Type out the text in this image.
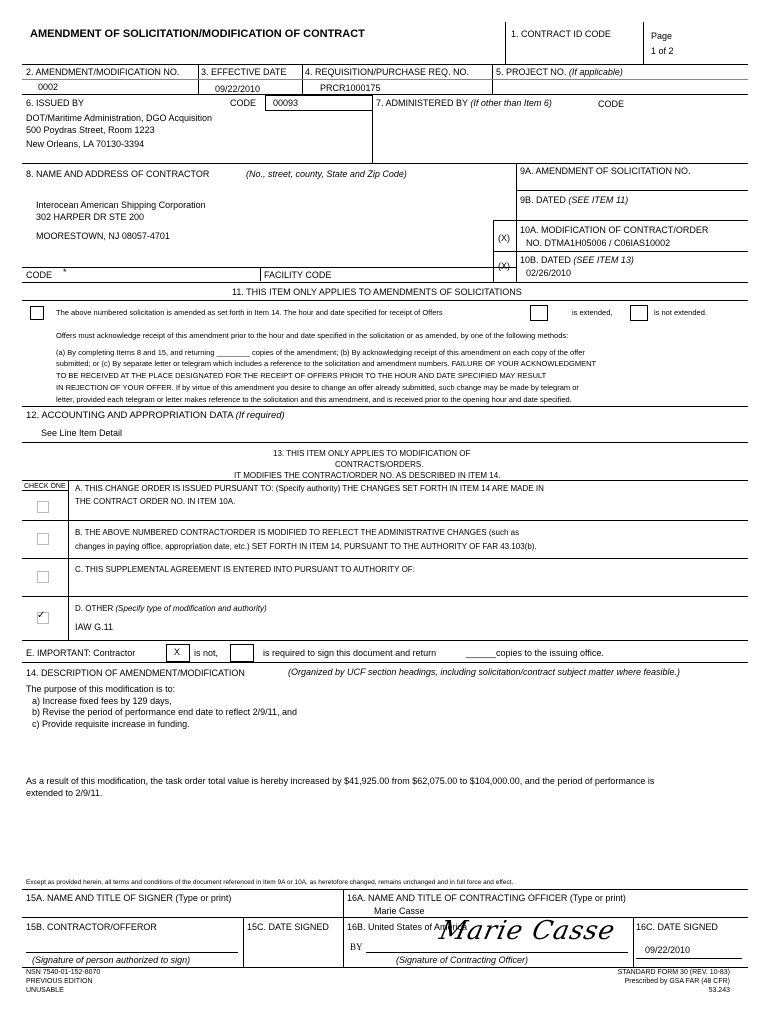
AMENDMENT OF SOLICITATION/MODIFICATION OF CONTRACT	1. CONTRACT ID CODE	Page
1 of 2
2. AMENDMENT/MODIFICATION NO. 3. EFFECTIVE DATE 4. REQUISITION/PURCHASE REQ. NO.	5. PROJECT NO. (If applicable)
0002	09/22/2010	PRCR1000175
6. ISSUED BY	CODE 00093	7. ADMINISTERED BY (If other than Item 6)	CODE
DOT/Maritime Administration, DGO Acquisition
500 Poydras Street, Room 1223
New Orleans, LA 70130-3394
8. NAME AND ADDRESS OF CONTRACTOR	(No., street, county, State and Zip Code)
Interocean American Shipping Corporation
302 HARPER DR STE 200
MOORESTOWN, NJ 08057-4701
CODE *	FACILITY CODE
9A. AMENDMENT OF SOLICITATION NO.
9B. DATED (SEE ITEM 11)
(X)
10A. MODIFICATION OF CONTRACT/ORDER
NO. DTMA1H05006 / C06IAS10002
(X)
10B. DATED (SEE ITEM 13)
02/26/2010
11. THIS ITEM ONLY APPLIES TO AMENDMENTS OF SOLICITATIONS
The above numbered solicitation is amended as set forth in Item 14. The hour and date specified for receipt of Offers	is extended,	is not extended.
Offers must acknowledge receipt of this amendment prior to the hour and date specified in the solicitation or as amended, by one of the following methods:
(a) By completing Items 8 and 15, and returning ________ copies of the amendment; (b) By acknowledging receipt of this amendment on each copy of the offer
submitted; or (c) By separate letter or telegram which includes a reference to the solicitation and amendment numbers. FAILURE OF YOUR ACKNOWLEDGMENT
TO BE RECEIVED AT THE PLACE DESIGNATED FOR THE RECEIPT OF OFFERS PRIOR TO THE HOUR AND DATE SPECIFIED MAY RESULT
IN REJECTION OF YOUR OFFER. If by virtue of this amendment you desire to change an offer already submitted, such change may be made by telegram or
letter, provided each telegram or letter makes reference to the solicitation and this amendment, and is received prior to the opening hour and date specified.
12. ACCOUNTING AND APPROPRIATION DATA (If required)
See Line Item Detail
13. THIS ITEM ONLY APPLIES TO MODIFICATION OF
CONTRACTS/ORDERS.
IT MODIFIES THE CONTRACT/ORDER NO. AS DESCRIBED IN ITEM 14.
CHECK ONE A. THIS CHANGE ORDER IS ISSUED PURSUANT TO: (Specify authority) THE CHANGES SET FORTH IN ITEM 14 ARE MADE IN
THE CONTRACT ORDER NO. IN ITEM 10A.
B. THE ABOVE NUMBERED CONTRACT/ORDER IS MODIFIED TO REFLECT THE ADMINISTRATIVE CHANGES (such as
changes in paying office, appropriation date, etc.) SET FORTH IN ITEM 14, PURSUANT TO THE AUTHORITY OF FAR 43.103(b).
C. THIS SUPPLEMENTAL AGREEMENT IS ENTERED INTO PURSUANT TO AUTHORITY OF:
D. OTHER (Specify type of modification and authority)
✓
IAW G.11
E. IMPORTANT: Contractor	X is not,	is required to sign this document and return	______ copies to the issuing office.
14. DESCRIPTION OF AMENDMENT/MODIFICATION	(Organized by UCF section headings, including solicitation/contract subject matter where feasible.)
The purpose of this modification is to:
a) Increase fixed fees by 129 days,
b) Revise the period of performance end date to reflect 2/9/11, and
c) Provide requisite increase in funding.
As a result of this modification, the task order total value is hereby increased by $41,925.00 from $62,075.00 to $104,000.00, and the period of performance is
extended to 2/9/11.
Except as provided herein, all terms and conditions of the document referenced in Item 9A or 10A, as heretofore changed, remains unchanged and in full force and effect.
15A. NAME AND TITLE OF SIGNER (Type or print)	16A. NAME AND TITLE OF CONTRACTING OFFICER (Type or print)
Marie Casse
15B. CONTRACTOR/OFFEROR	15C. DATE SIGNED 16B. United States of America	16C. DATE SIGNED
BY
Marie Casse
09/22/2010
(Signature of person authorized to sign)	(Signature of Contracting Officer)
NSN 7540-01-152-8070
PREVIOUS EDITION
UNUSABLE
STANDARD FORM 30 (REV. 10-83)
Prescribed by GSA FAR (48 CFR)
53.243
